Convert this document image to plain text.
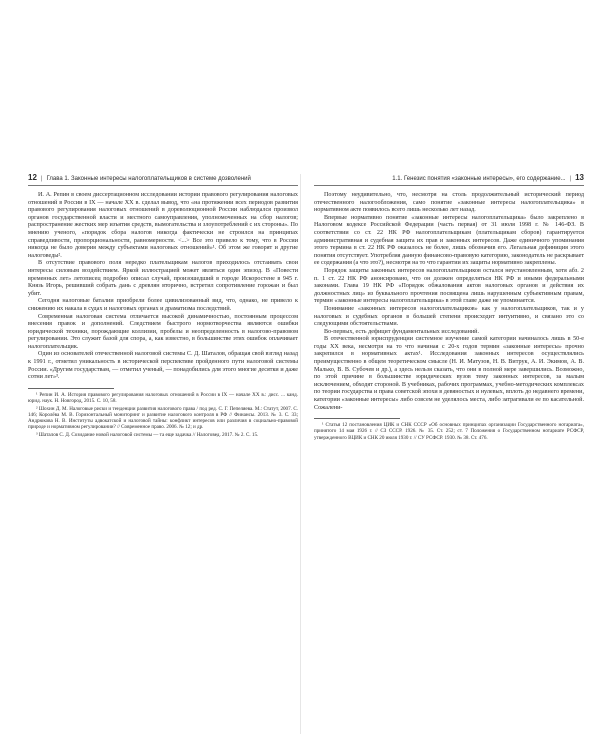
12 | Глава 1. Законные интересы налогоплательщиков в системе дозволений

И. А. Репин в своем диссертационном исследовании истории правового регулирования налоговых отношений в России в IX — начале XX в. сделал вывод, что «на протяжении всех периодов развития правового регулирования налоговых отношений в дореволюционной России наблюдался произвол органов государственной власти и местного самоуправления, уполномоченных на сбор налогов; распространение жестких мер изъятия средств, вымогательства и злоупотреблений с их стороны». По мнению ученого, «порядок сбора налогов никогда фактически не строился на принципах справедливости, пропорциональности, равномерности. <...> Все это привело к тому, что в России никогда не было доверия между субъектами налоговых отношений»¹. Об этом же говорят и другие налоговеды².

В отсутствие правового поля нередко плательщикам налогов приходилось отстаивать свои интересы силовым воздействием. Яркой иллюстрацией может являться один эпизод. В «Повести временных лет» летописец подробно описал случай, произошедший в городе Искоростене в 945 г. Князь Игорь, решивший собрать дань с древлян вторично, встретил сопротивление горожан и был убит.

Сегодня налоговые баталии приобрели более цивилизованный вид, что, однако, не привело к снижению их накала в судах и налоговых органах и драматизма последствий.

Современная налоговая система отличается высокой динамичностью, постоянным процессом внесения правок и дополнений. Следствием быстрого нормотворчества являются ошибки юридической техники, порождающие коллизии, пробелы и неопределенность в налогово-правовом регулировании. Это служит базой для спора, а, как известно, в большинстве этих ошибок оплачивает налогоплательщик.

Один из основателей отечественной налоговой системы С. Д. Шаталов, обращая свой взгляд назад к 1991 г., отметил уникальность в исторической перспективе пройденного пути налоговой системы России. «Другим государствам, — отметил ученый, — понадобились для этого многие десятки и даже сотни лет»³.

¹ Репин И. А. История правового регулирования налоговых отношений в России в IX — начале XX в.: дисс. ... канд. юрид. наук. Н. Новгород, 2015. С. 10, 58.

² Шохин Д. М. Налоговые риски и тенденции развития налогового права / под ред. С. Г. Пепеляева. М.: Статут, 2007. С. 146; Королёва М. В. Горизонтальный мониторинг и развитие налогового контроля в РФ // Финансы. 2013. № 3. С. 33; Андрюкова Н. В. Институты адвокатской и налоговой тайны: конфликт интересов или различия в социально-правовой природе и нормативном регулировании? // Современное право. 2006. № 12; и др.

³ Шаталов С. Д. Созидание новой налоговой системы — та еще задачка // Налоговед. 2017. № 2. С. 15.

1.1. Генезис понятия «законные интересы», его содержание... | 13

Поэтому неудивительно, что, несмотря на столь продолжительный исторический период отечественного налогообложения, само понятие «законные интересы налогоплательщика» в нормативном акте появилось всего лишь несколько лет назад.

Впервые нормативно понятие «законные интересы налогоплательщика» было закреплено в Налоговом кодексе Российской Федерации (часть первая) от 31 июля 1998 г. № 146-ФЗ. В соответствии со ст. 22 НК РФ налогоплательщикам (плательщикам сборов) гарантируется административная и судебная защита их прав и законных интересов. Даже единичного упоминания этого термина в ст. 22 НК РФ оказалось не более, лишь обозначив его. Легальная дефиниция этого понятия отсутствует. Употребляя данную финансово-правовую категорию, законодатель не раскрывает ее содержания (а что это?), несмотря на то что гарантии их защиты нормативно закреплены.

Порядок защиты законных интересов налогоплательщиков остался неустановленным, хотя абз. 2 п. 1 ст. 22 НК РФ анонсировано, что он должен определяться НК РФ и иными федеральными законами. Глава 19 НК РФ «Порядок обжалования актов налоговых органов и действия их должностных лиц» из буквального прочтения посвящена лишь нарушенным субъективным правам, термин «законные интересы налогоплательщика» в этой главе даже не упоминается.

Понимание «законных интересов налогоплательщиков» как у налогоплательщиков, так и у налоговых и судебных органов в большей степени происходит интуитивно, и связано это со следующими обстоятельствами.

Во-первых, есть дефицит фундаментальных исследований.

В отечественной юриспруденции системное изучение самой категории начиналось лишь в 50-е годы XX века, несмотря на то что начиная с 20-х годов термин «законные интересы» прочно закрепился в нормативных актах¹. Исследования законных интересов осуществлялись преимущественно в общем теоретическом смысле (Н. И. Матузов, Н. В. Витрук, А. И. Экимов, А. В. Малько, В. В. Субочев и др.), а здесь нельзя сказать, что они в полной мере завершились. Возможно, по этой причине в большинстве юридических вузов тему законных интересов, за малым исключением, обходят стороной. В учебниках, рабочих программах, учебно-методических комплексах по теории государства и права советской эпохи в девяностых и нулевых, вплоть до недавнего времени, категории «законные интересы» либо совсем не уделялось места, либо затрагивали ее по касательной. Сожалени-

¹ Статья 12 постановления ЦИК и СНК СССР «Об основных принципах организации Государственного нотариата», принятого 14 мая 1926 г. // СЗ СССР. 1926. № 35. Ст. 252; ст. 7 Положения о Государственном нотариате РСФСР, утвержденного ВЦИК и СНК 20 июля 1930 г. // СУ РСФСР. 1930. № 38. Ст. 476.
